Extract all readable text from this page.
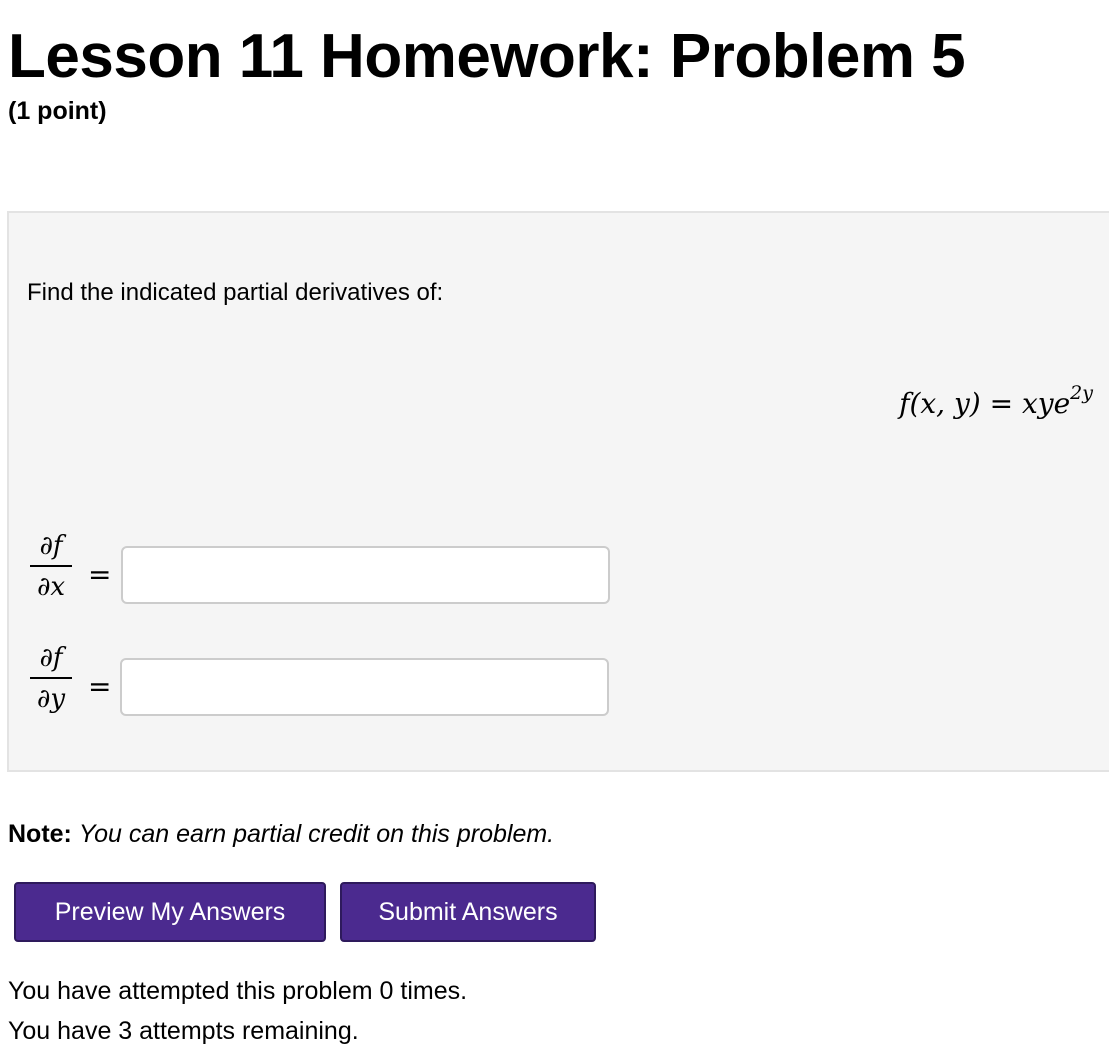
Lesson 11 Homework: Problem 5
(1 point)
Find the indicated partial derivatives of:
f(x, y) = xye$^{2y}$
∂f
∂x =
∂f
∂y =
Note: You can earn partial credit on this problem.
Preview My Answers	Submit Answers
You have attempted this problem 0 times.
You have 3 attempts remaining.
